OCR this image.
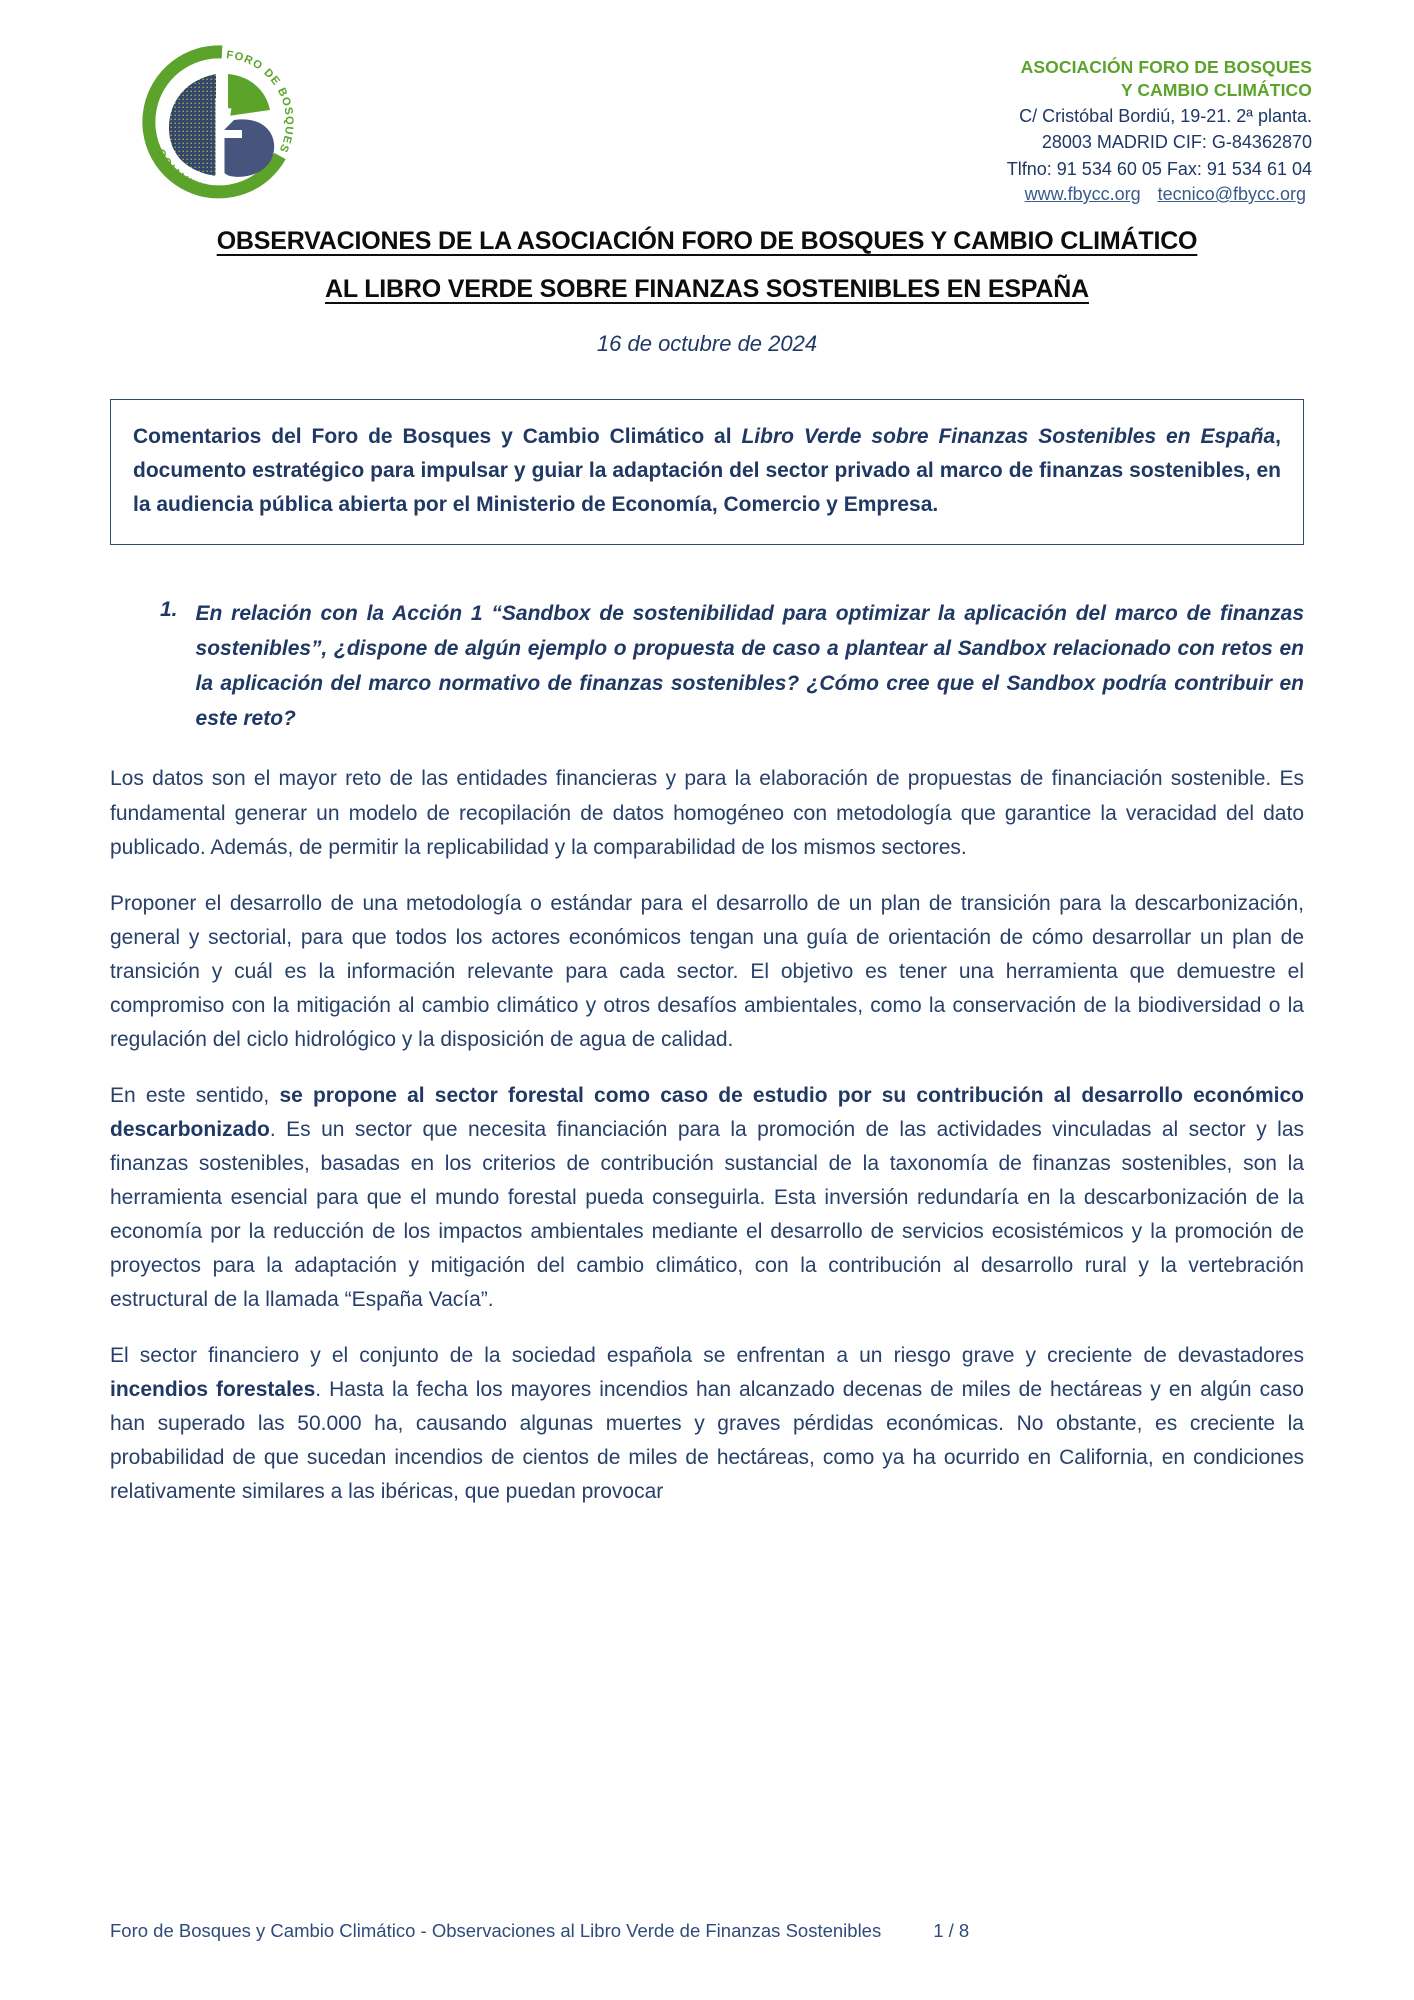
FORO DE BOSQUES Y CAMBIO CLIMÁTICO
ASOCIACIÓN FORO DE BOSQUES
Y CAMBIO CLIMÁTICO
C/ Cristóbal Bordiú, 19-21. 2ª planta.
28003 MADRID CIF: G-84362870
Tlfno: 91 534 60 05 Fax: 91 534 61 04
www.fbycc.org tecnico@fbycc.org
OBSERVACIONES DE LA ASOCIACIÓN FORO DE BOSQUES Y CAMBIO CLIMÁTICO
AL LIBRO VERDE SOBRE FINANZAS SOSTENIBLES EN ESPAÑA
16 de octubre de 2024

Comentarios del Foro de Bosques y Cambio Climático al Libro Verde sobre Finanzas Sostenibles en España, documento estratégico para impulsar y guiar la adaptación del sector privado al marco de finanzas sostenibles, en la audiencia pública abierta por el Ministerio de Economía, Comercio y Empresa.

1. En relación con la Acción 1 “Sandbox de sostenibilidad para optimizar la aplicación del marco de finanzas sostenibles”, ¿dispone de algún ejemplo o propuesta de caso a plantear al Sandbox relacionado con retos en la aplicación del marco normativo de finanzas sostenibles? ¿Cómo cree que el Sandbox podría contribuir en este reto?

Los datos son el mayor reto de las entidades financieras y para la elaboración de propuestas de financiación sostenible. Es fundamental generar un modelo de recopilación de datos homogéneo con metodología que garantice la veracidad del dato publicado. Además, de permitir la replicabilidad y la comparabilidad de los mismos sectores.

Proponer el desarrollo de una metodología o estándar para el desarrollo de un plan de transición para la descarbonización, general y sectorial, para que todos los actores económicos tengan una guía de orientación de cómo desarrollar un plan de transición y cuál es la información relevante para cada sector. El objetivo es tener una herramienta que demuestre el compromiso con la mitigación al cambio climático y otros desafíos ambientales, como la conservación de la biodiversidad o la regulación del ciclo hidrológico y la disposición de agua de calidad.

En este sentido, se propone al sector forestal como caso de estudio por su contribución al desarrollo económico descarbonizado. Es un sector que necesita financiación para la promoción de las actividades vinculadas al sector y las finanzas sostenibles, basadas en los criterios de contribución sustancial de la taxonomía de finanzas sostenibles, son la herramienta esencial para que el mundo forestal pueda conseguirla. Esta inversión redundaría en la descarbonización de la economía por la reducción de los impactos ambientales mediante el desarrollo de servicios ecosistémicos y la promoción de proyectos para la adaptación y mitigación del cambio climático, con la contribución al desarrollo rural y la vertebración estructural de la llamada “España Vacía”.

El sector financiero y el conjunto de la sociedad española se enfrentan a un riesgo grave y creciente de devastadores incendios forestales. Hasta la fecha los mayores incendios han alcanzado decenas de miles de hectáreas y en algún caso han superado las 50.000 ha, causando algunas muertes y graves pérdidas económicas. No obstante, es creciente la probabilidad de que sucedan incendios de cientos de miles de hectáreas, como ya ha ocurrido en California, en condiciones relativamente similares a las ibéricas, que puedan provocar

Foro de Bosques y Cambio Climático - Observaciones al Libro Verde de Finanzas Sostenibles	1 / 8
